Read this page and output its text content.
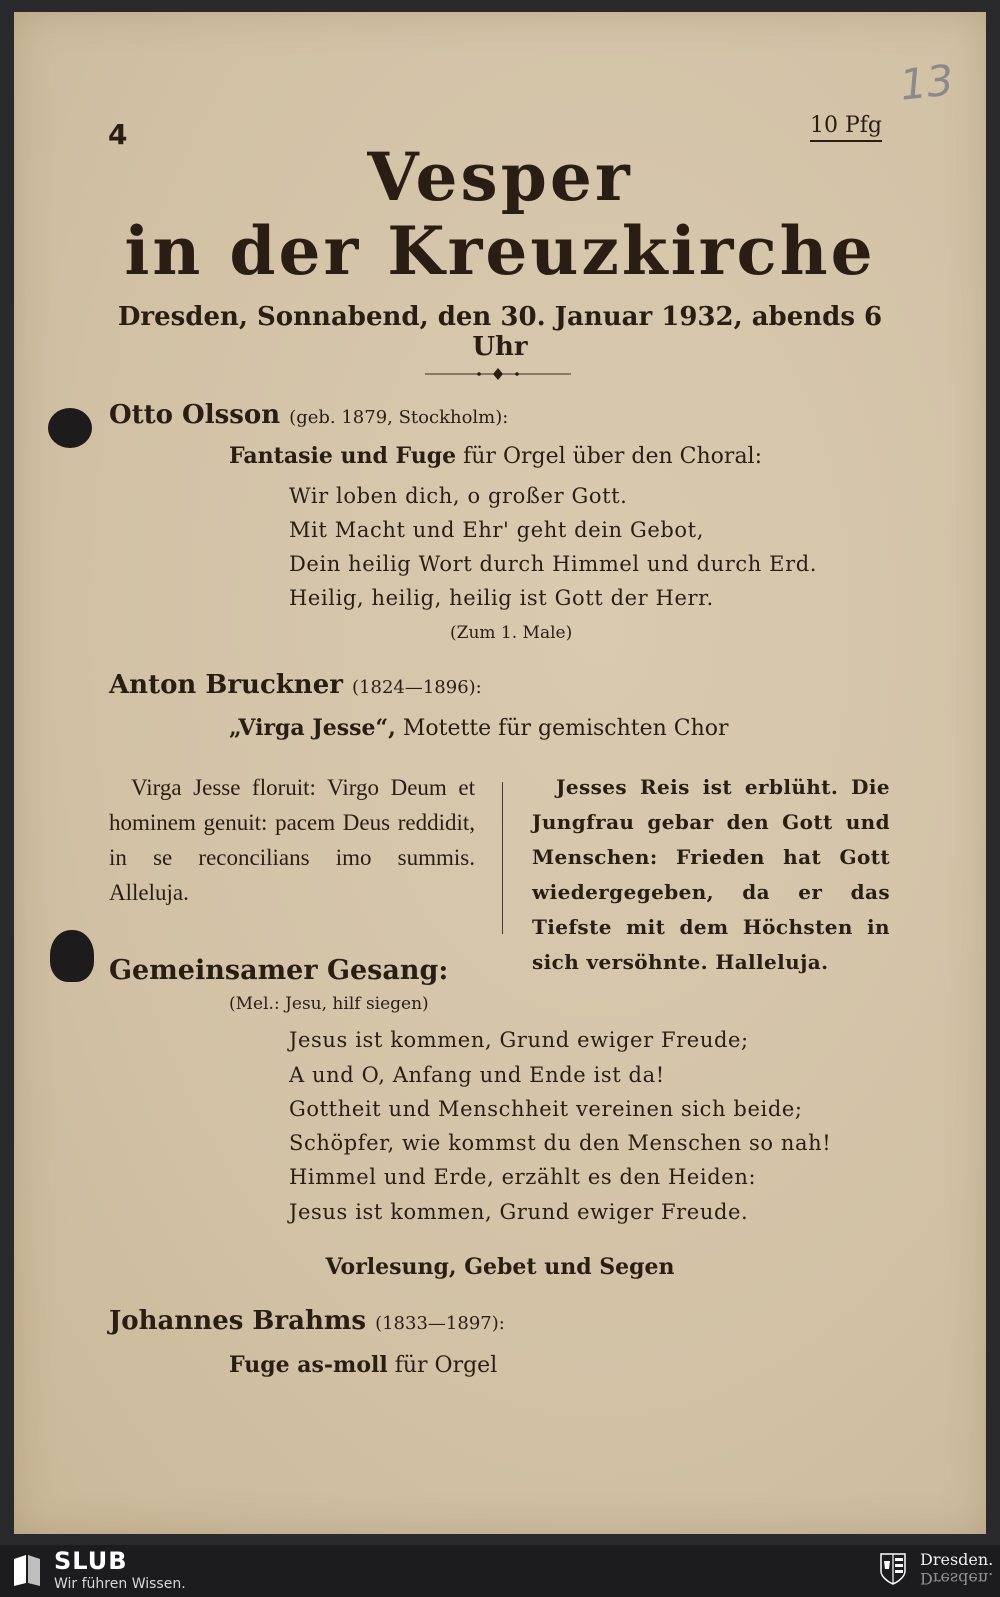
13
4	10 Pfg
Vesper
in der Kreuzkirche
Dresden, Sonnabend, den 30. Januar 1932, abends 6 Uhr
Otto Olsson (geb. 1879, Stockholm):
Fantasie und Fuge für Orgel über den Choral:
Wir loben dich, o großer Gott.
Mit Macht und Ehr' geht dein Gebot,
Dein heilig Wort durch Himmel und durch Erd.
Heilig, heilig, heilig ist Gott der Herr.
(Zum 1. Male)
Anton Bruckner (1824—1896):
„Virga Jesse“, Motette für gemischten Chor
Virga Jesse floruit: Virgo Deum et hominem genuit: pacem Deus reddidit, in se reconcilians imo summis. Alleluja.
Jesses Reis ist erblüht. Die Jungfrau gebar den Gott und Menschen: Frieden hat Gott wiedergegeben, da er das Tiefste mit dem Höchsten in sich versöhnte. Halleluja.
Gemeinsamer Gesang:
(Mel.: Jesu, hilf siegen)
Jesus ist kommen, Grund ewiger Freude;
A und O, Anfang und Ende ist da!
Gottheit und Menschheit vereinen sich beide;
Schöpfer, wie kommst du den Menschen so nah!
Himmel und Erde, erzählt es den Heiden:
Jesus ist kommen, Grund ewiger Freude.
Vorlesung, Gebet und Segen
Johannes Brahms (1833—1897):
Fuge as-moll für Orgel
SLUB
Wir führen Wissen.
Dresden.
Dresden.
